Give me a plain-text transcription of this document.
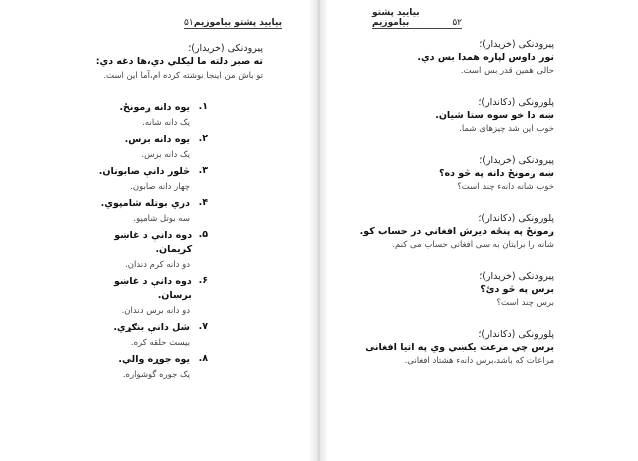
۵۱ بیایید پشتو بیاموزیم
پیرودنکی (خریدار)؛
ته صبر دلته ما لیکلي دي،ها دغه دي:
تو باش من اینجا نوشته کرده ام،آ‌ما این است.
۱.
یوه دانه ږمونځ.
یک دانه شانه.
۲.
یوه دانه برس.
یک دانه برس.
۳.
څلور دانې صابونان.
چهار دانه صابون.
۴.
دري بوتله شامپوي.
سه بوتل شامپو.
۵.
دوه دانې د غاښو کریمان.
دو دانه کرم دندان.
۶.
دوه دانې د غاښو برسان.
دو دانه برس دندان.
۷.
شل دانې بنګړي.
بیست حلقه کره.
۸.
یوه جوړه والي.
یک جوره گوشواره.
بیایید پشتو بیاموزیم	۵۲
پیرودنکی (خریدار)؛
نور داوس لپاره همدا بس دي.
حالی همین قدر بس است.
پلورونکی (دکاندار)؛
ښه دا خو سوه ستا شیان.
خوب این شد چیزهای شما.
پیرودنکی (خریدار)؛
ښه ږمونځ دانه په څو ده؟
خوب شانه دانهء چند است؟
پلورونکی (دکاندار)؛
ږمونځ په پنځه دیرش افغاني در حساب کو.
شانه را برایتان به سی افغانی حساب می کنم.
پیرودنکی (خریدار)؛
برس په څو دئ؟
برس چند است؟
پلورونکی (دکاندار)؛
برس چي مرعت یکښي وي په اتیا افغانی
مراعات که باشد،برس دانهء هشتاد افغانی.
